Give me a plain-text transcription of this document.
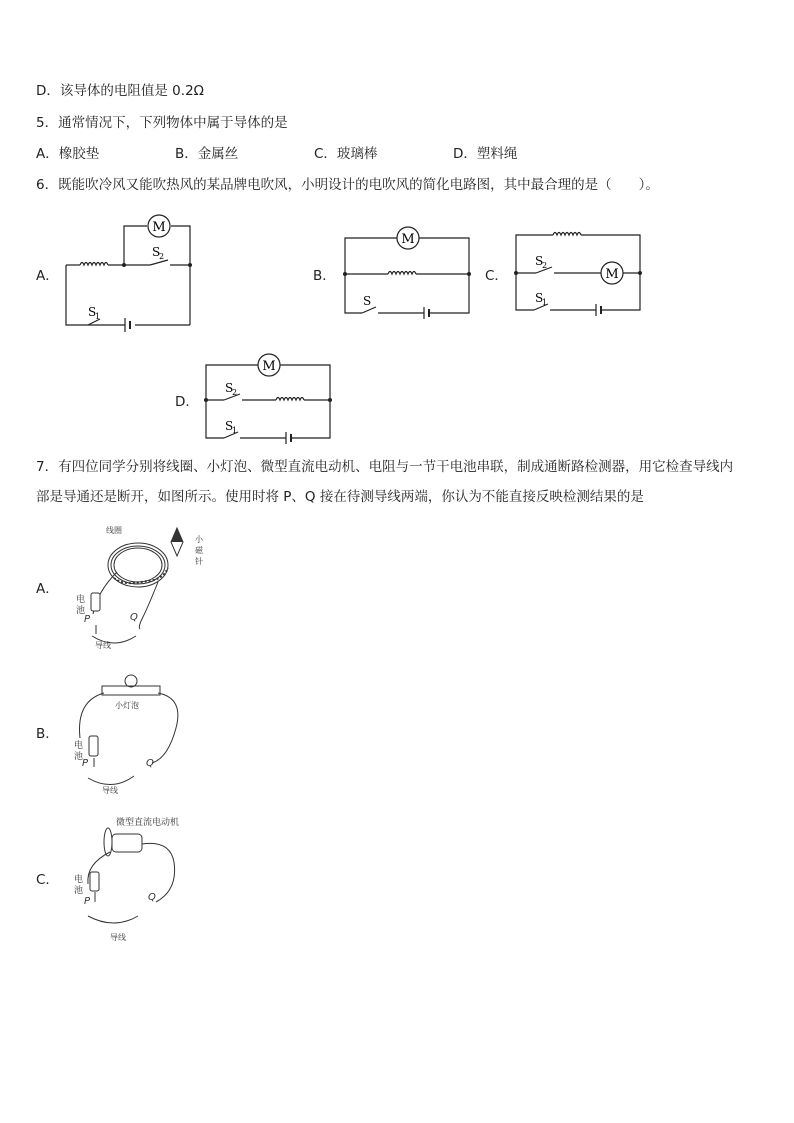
D．该导体的电阻值是 0.2Ω
5．通常情况下，下列物体中属于导体的是
A．橡胶垫	B．金属丝	C．玻璃棒	D．塑料绳
6．既能吹冷风又能吹热风的某品牌电吹风，小明设计的电吹风的简化电路图，其中最合理的是（　　）。
A．	B．	C．
D．
M
S
2
S
1
M
S
M
S
2
S
1
M
S
2
S
1
7．有四位同学分别将线圈、小灯泡、微型直流电动机、电阻与一节干电池串联，制成通断路检测器，用它检查导线内
部是导通还是断开，如图所示。使用时将 P、Q 接在待测导线两端，你认为不能直接反映检测结果的是
A．
B．
C．
线圈
小
磁
针
电
池
P	Q
导线
小灯泡
电
池
P	Q
导线
微型直流电动机
电
池
P	Q
导线
